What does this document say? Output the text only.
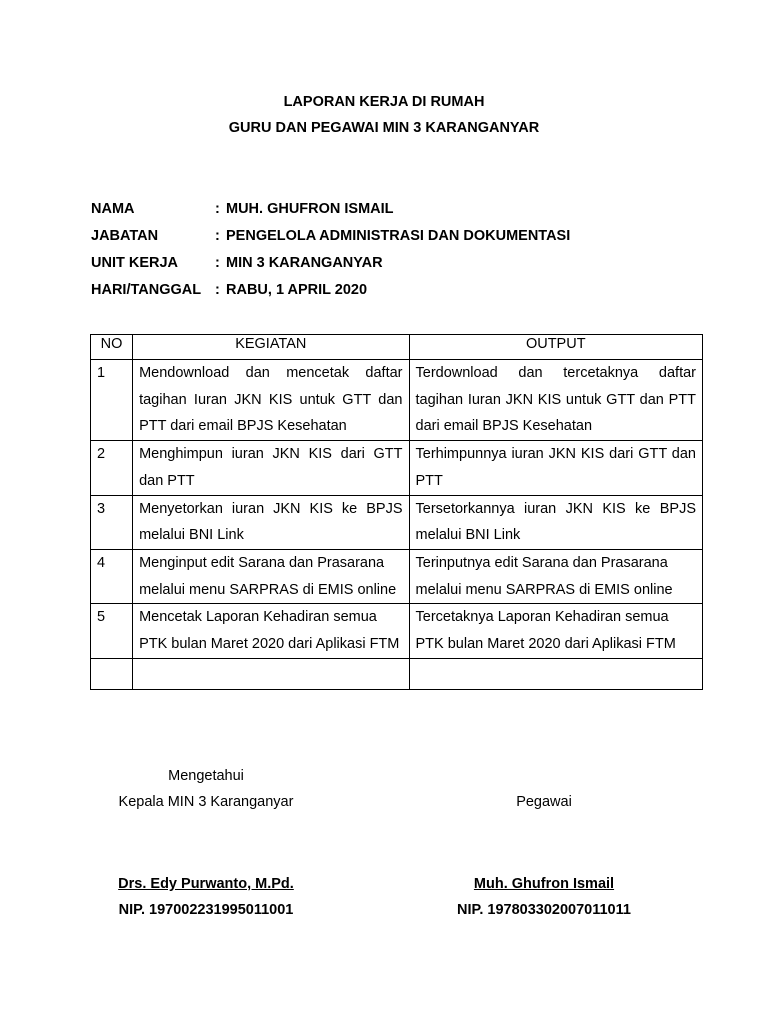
LAPORAN KERJA DI RUMAH
GURU DAN PEGAWAI MIN 3 KARANGANYAR
NAMA	: MUH. GHUFRON ISMAIL
JABATAN	: PENGELOLA ADMINISTRASI DAN DOKUMENTASI
UNIT KERJA	: MIN 3 KARANGANYAR
HARI/TANGGAL : RABU, 1 APRIL 2020
NO	KEGIATAN	OUTPUT
1	Mendownload dan mencetak daftar tagihan Iuran JKN KIS untuk GTT dan PTT dari email BPJS Kesehatan	Terdownload dan tercetaknya daftar tagihan Iuran JKN KIS untuk GTT dan PTT dari email BPJS Kesehatan
2	Menghimpun iuran JKN KIS dari GTT dan PTT	Terhimpunnya iuran JKN KIS dari GTT dan PTT
3	Menyetorkan iuran JKN KIS ke BPJS melalui BNI Link	Tersetorkannya iuran JKN KIS ke BPJS melalui BNI Link
4	Menginput edit Sarana dan Prasarana melalui menu SARPRAS di EMIS online	Terinputnya edit Sarana dan Prasarana melalui menu SARPRAS di EMIS online
5	Mencetak Laporan Kehadiran semua PTK bulan Maret 2020 dari Aplikasi FTM	Tercetaknya Laporan Kehadiran semua PTK bulan Maret 2020 dari Aplikasi FTM

Mengetahui
Kepala MIN 3 Karanganyar	Pegawai
Drs. Edy Purwanto, M.Pd.	Muh. Ghufron Ismail
NIP. 197002231995011001	NIP. 197803302007011011
